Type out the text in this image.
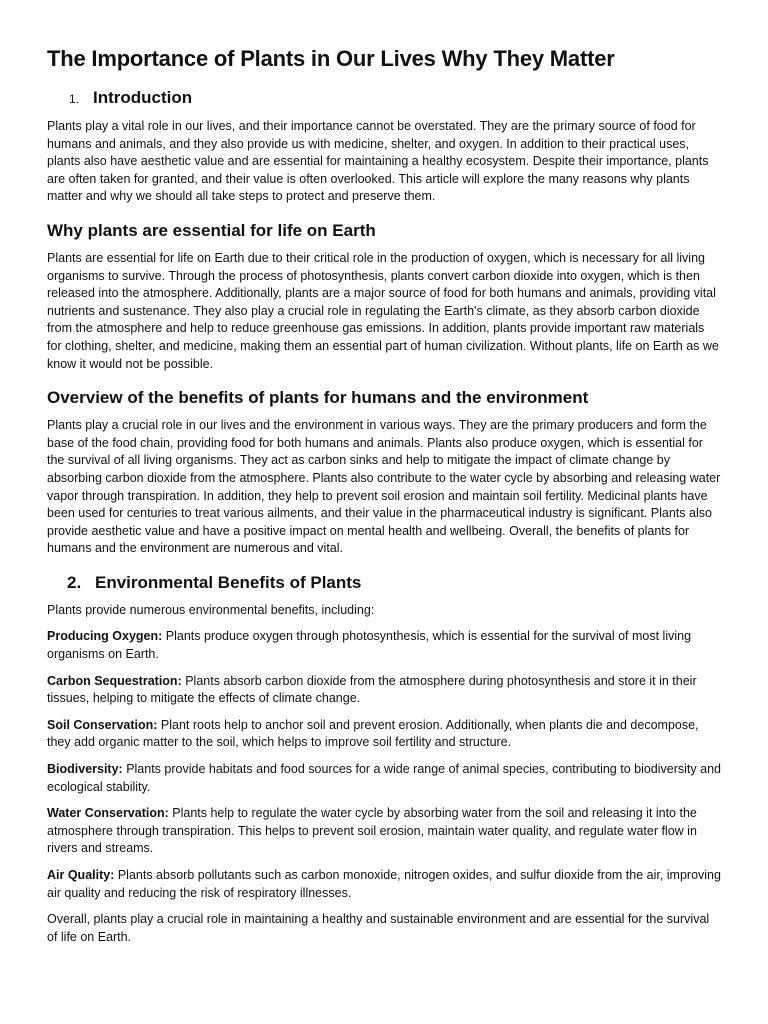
The Importance of Plants in Our Lives Why They Matter
1. Introduction

Plants play a vital role in our lives, and their importance cannot be overstated. They are the primary source of food for humans and animals, and they also provide us with medicine, shelter, and oxygen. In addition to their practical uses, plants also have aesthetic value and are essential for maintaining a healthy ecosystem. Despite their importance, plants are often taken for granted, and their value is often overlooked. This article will explore the many reasons why plants matter and why we should all take steps to protect and preserve them.

Why plants are essential for life on Earth

Plants are essential for life on Earth due to their critical role in the production of oxygen, which is necessary for all living organisms to survive. Through the process of photosynthesis, plants convert carbon dioxide into oxygen, which is then released into the atmosphere. Additionally, plants are a major source of food for both humans and animals, providing vital nutrients and sustenance. They also play a crucial role in regulating the Earth's climate, as they absorb carbon dioxide from the atmosphere and help to reduce greenhouse gas emissions. In addition, plants provide important raw materials for clothing, shelter, and medicine, making them an essential part of human civilization. Without plants, life on Earth as we know it would not be possible.

Overview of the benefits of plants for humans and the environment

Plants play a crucial role in our lives and the environment in various ways. They are the primary producers and form the base of the food chain, providing food for both humans and animals. Plants also produce oxygen, which is essential for the survival of all living organisms. They act as carbon sinks and help to mitigate the impact of climate change by absorbing carbon dioxide from the atmosphere. Plants also contribute to the water cycle by absorbing and releasing water vapor through transpiration. In addition, they help to prevent soil erosion and maintain soil fertility. Medicinal plants have been used for centuries to treat various ailments, and their value in the pharmaceutical industry is significant. Plants also provide aesthetic value and have a positive impact on mental health and wellbeing. Overall, the benefits of plants for humans and the environment are numerous and vital.

2. Environmental Benefits of Plants

Plants provide numerous environmental benefits, including:

Producing Oxygen: Plants produce oxygen through photosynthesis, which is essential for the survival of most living organisms on Earth.

Carbon Sequestration: Plants absorb carbon dioxide from the atmosphere during photosynthesis and store it in their tissues, helping to mitigate the effects of climate change.

Soil Conservation: Plant roots help to anchor soil and prevent erosion. Additionally, when plants die and decompose, they add organic matter to the soil, which helps to improve soil fertility and structure.

Biodiversity: Plants provide habitats and food sources for a wide range of animal species, contributing to biodiversity and ecological stability.

Water Conservation: Plants help to regulate the water cycle by absorbing water from the soil and releasing it into the atmosphere through transpiration. This helps to prevent soil erosion, maintain water quality, and regulate water flow in rivers and streams.

Air Quality: Plants absorb pollutants such as carbon monoxide, nitrogen oxides, and sulfur dioxide from the air, improving air quality and reducing the risk of respiratory illnesses.

Overall, plants play a crucial role in maintaining a healthy and sustainable environment and are essential for the survival of life on Earth.
